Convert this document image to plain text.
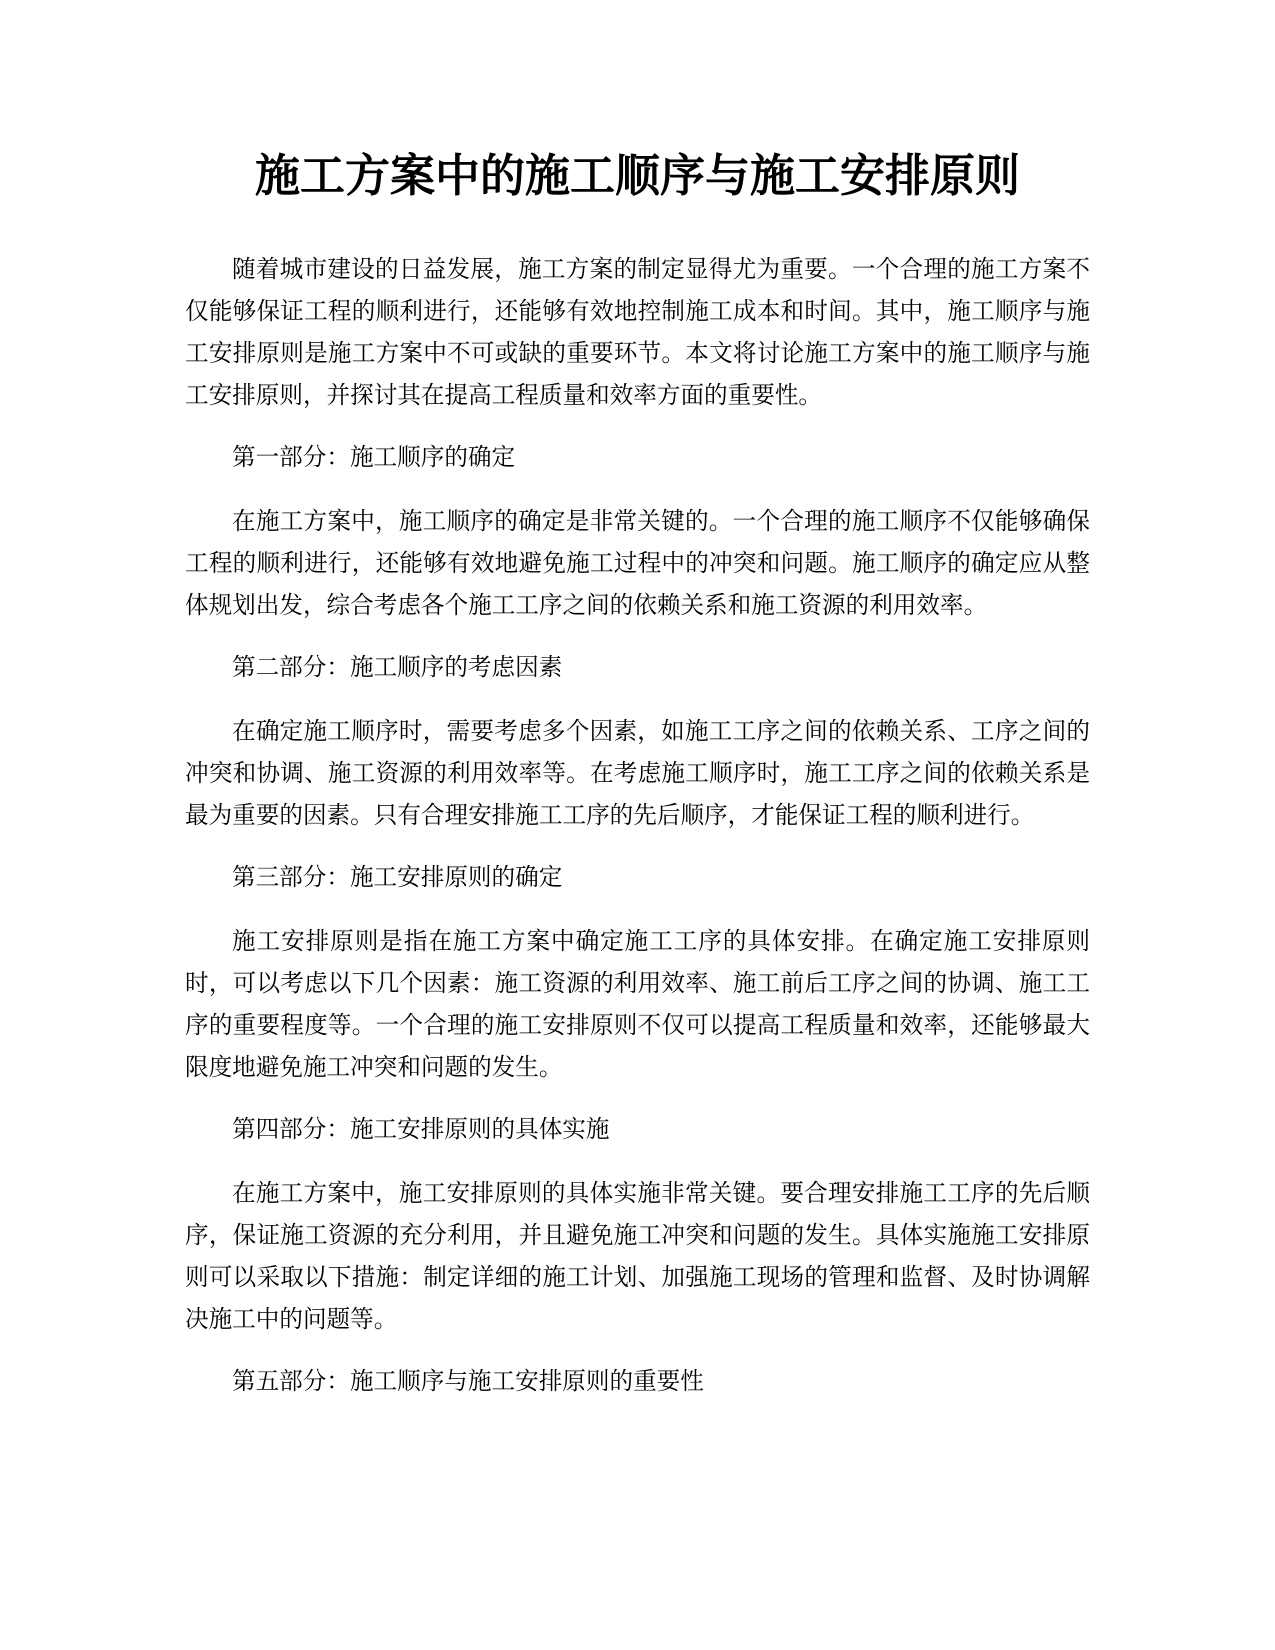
施工方案中的施工顺序与施工安排原则

随着城市建设的日益发展，施工方案的制定显得尤为重要。一个合理的施工方案不仅能够保证工程的顺利进行，还能够有效地控制施工成本和时间。其中，施工顺序与施工安排原则是施工方案中不可或缺的重要环节。本文将讨论施工方案中的施工顺序与施工安排原则，并探讨其在提高工程质量和效率方面的重要性。

第一部分：施工顺序的确定

在施工方案中，施工顺序的确定是非常关键的。一个合理的施工顺序不仅能够确保工程的顺利进行，还能够有效地避免施工过程中的冲突和问题。施工顺序的确定应从整体规划出发，综合考虑各个施工工序之间的依赖关系和施工资源的利用效率。

第二部分：施工顺序的考虑因素

在确定施工顺序时，需要考虑多个因素，如施工工序之间的依赖关系、工序之间的冲突和协调、施工资源的利用效率等。在考虑施工顺序时，施工工序之间的依赖关系是最为重要的因素。只有合理安排施工工序的先后顺序，才能保证工程的顺利进行。

第三部分：施工安排原则的确定

施工安排原则是指在施工方案中确定施工工序的具体安排。在确定施工安排原则时，可以考虑以下几个因素：施工资源的利用效率、施工前后工序之间的协调、施工工序的重要程度等。一个合理的施工安排原则不仅可以提高工程质量和效率，还能够最大限度地避免施工冲突和问题的发生。

第四部分：施工安排原则的具体实施

在施工方案中，施工安排原则的具体实施非常关键。要合理安排施工工序的先后顺序，保证施工资源的充分利用，并且避免施工冲突和问题的发生。具体实施施工安排原则可以采取以下措施：制定详细的施工计划、加强施工现场的管理和监督、及时协调解决施工中的问题等。

第五部分：施工顺序与施工安排原则的重要性
